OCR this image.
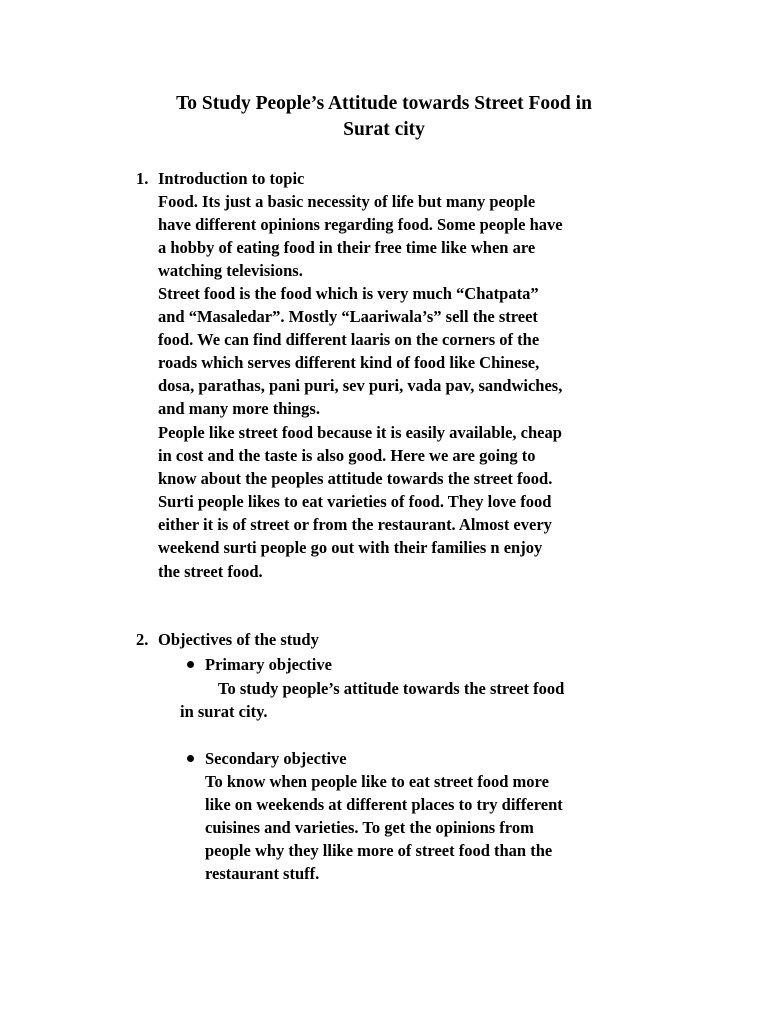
To Study People’s Attitude towards Street Food in
Surat city
1. Introduction to topic
Food. Its just a basic necessity of life but many people
have different opinions regarding food. Some people have
a hobby of eating food in their free time like when are
watching televisions.
Street food is the food which is very much “Chatpata”
and “Masaledar”. Mostly “Laariwala’s” sell the street
food. We can find different laaris on the corners of the
roads which serves different kind of food like Chinese,
dosa, parathas, pani puri, sev puri, vada pav, sandwiches,
and many more things.
People like street food because it is easily available, cheap
in cost and the taste is also good. Here we are going to
know about the peoples attitude towards the street food.
Surti people likes to eat varieties of food. They love food
either it is of street or from the restaurant. Almost every
weekend surti people go out with their families n enjoy
the street food.
2. Objectives of the study
Primary objective
To study people’s attitude towards the street food
in surat city.
Secondary objective
To know when people like to eat street food more
like on weekends at different places to try different
cuisines and varieties. To get the opinions from
people why they llike more of street food than the
restaurant stuff.
